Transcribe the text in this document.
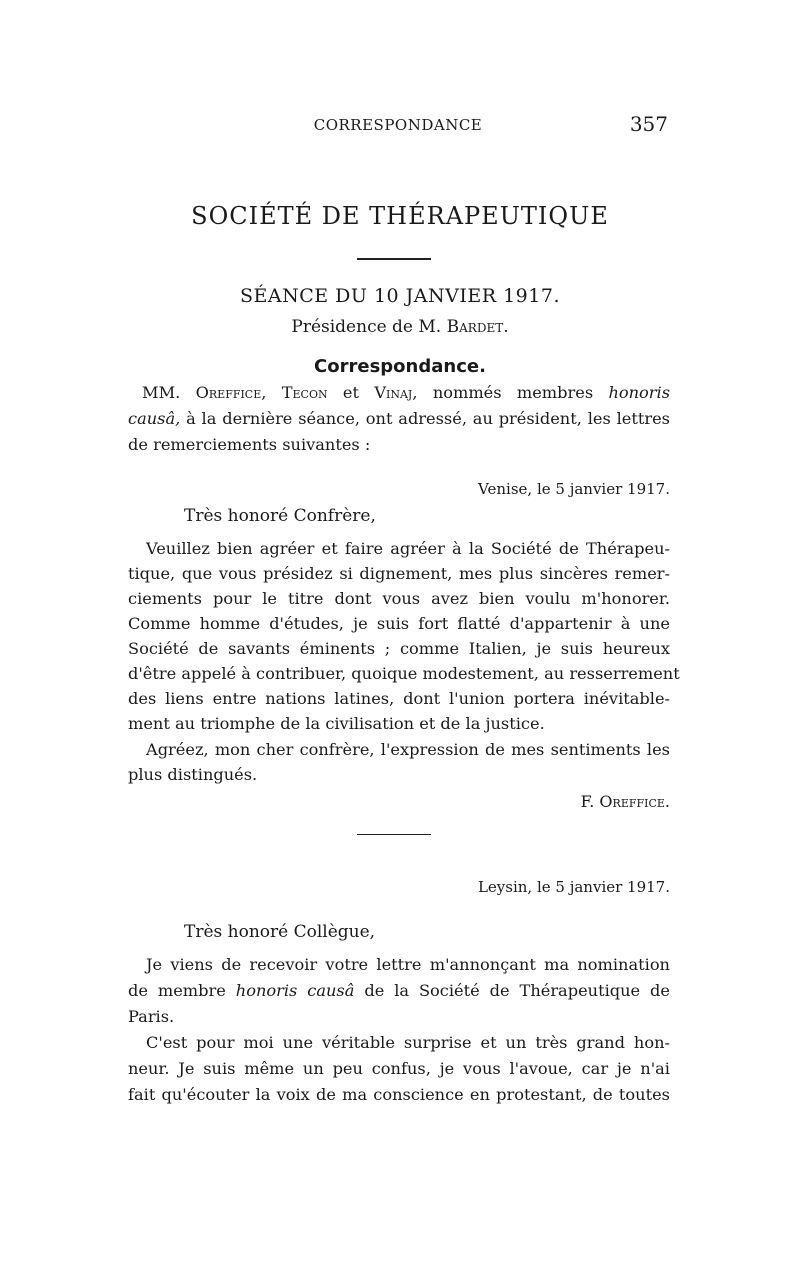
CORRESPONDANCE	357
SOCIÉTÉ DE THÉRAPEUTIQUE
SÉANCE DU 10 JANVIER 1917.
Présidence de M. Bardet.
Correspondance.
MM. Oreffice, Tecon et Vinaj, nommés membres honoris
causâ, à la dernière séance, ont adressé, au président, les lettres
de remerciements suivantes :
Venise, le 5 janvier 1917.
Très honoré Confrère,
Veuillez bien agréer et faire agréer à la Société de Thérapeu-
tique, que vous présidez si dignement, mes plus sincères remer-
ciements pour le titre dont vous avez bien voulu m'honorer.
Comme homme d'études, je suis fort flatté d'appartenir à une
Société de savants éminents ; comme Italien, je suis heureux
d'être appelé à contribuer, quoique modestement, au resserrement
des liens entre nations latines, dont l'union portera inévitable-
ment au triomphe de la civilisation et de la justice.
Agréez, mon cher confrère, l'expression de mes sentiments les
plus distingués.
F. Oreffice.
Leysin, le 5 janvier 1917.
Très honoré Collègue,
Je viens de recevoir votre lettre m'annonçant ma nomination
de membre honoris causâ de la Société de Thérapeutique de
Paris.
C'est pour moi une véritable surprise et un très grand hon-
neur. Je suis même un peu confus, je vous l'avoue, car je n'ai
fait qu'écouter la voix de ma conscience en protestant, de toutes
